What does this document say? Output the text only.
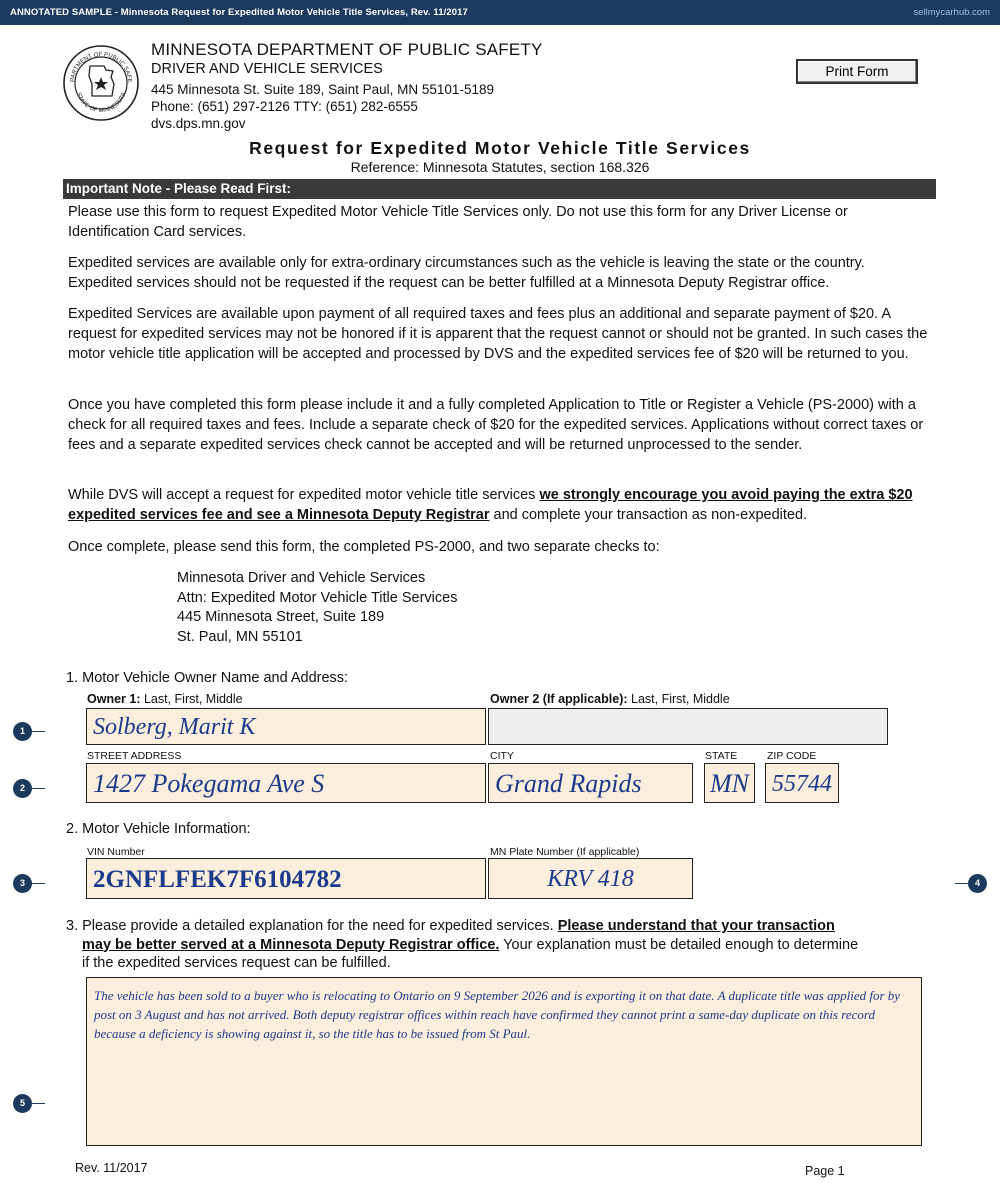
ANNOTATED SAMPLE - Minnesota Request for Expedited Motor Vehicle Title Services, Rev. 11/2017	sellmycarhub.com
PARTMENT OF PUBLIC SAFE
STATE OF MINNESOTA
MINNESOTA DEPARTMENT OF PUBLIC SAFETY
DRIVER AND VEHICLE SERVICES
445 Minnesota St. Suite 189, Saint Paul, MN 55101-5189
Phone: (651) 297-2126 TTY: (651) 282-6555
dvs.dps.mn.gov
Print Form
Request for Expedited Motor Vehicle Title Services
Reference: Minnesota Statutes, section 168.326
Important Note - Please Read First:

Please use this form to request Expedited Motor Vehicle Title Services only. Do not use this form for any Driver License or Identification Card services.

Expedited services are available only for extra-ordinary circumstances such as the vehicle is leaving the state or the country. Expedited services should not be requested if the request can be better fulfilled at a Minnesota Deputy Registrar office.

Expedited Services are available upon payment of all required taxes and fees plus an additional and separate payment of $20. A request for expedited services may not be honored if it is apparent that the request cannot or should not be granted. In such cases the motor vehicle title application will be accepted and processed by DVS and the expedited services fee of $20 will be returned to you.

Once you have completed this form please include it and a fully completed Application to Title or Register a Vehicle (PS-2000) with a check for all required taxes and fees. Include a separate check of $20 for the expedited services. Applications without correct taxes or fees and a separate expedited services check cannot be accepted and will be returned unprocessed to the sender.

While DVS will accept a request for expedited motor vehicle title services we strongly encourage you avoid paying the extra $20 expedited services fee and see a Minnesota Deputy Registrar and complete your transaction as non-expedited.

Once complete, please send this form, the completed PS-2000, and two separate checks to:

Minnesota Driver and Vehicle Services
Attn: Expedited Motor Vehicle Title Services
445 Minnesota Street, Suite 189
St. Paul, MN 55101
1. Motor Vehicle Owner Name and Address:
Owner 1: Last, First, Middle	Owner 2 (If applicable): Last, First, Middle
Solberg, Marit K
STREET ADDRESS	CITY	STATE	ZIP CODE
1427 Pokegama Ave S	Grand Rapids	MN 55744
2. Motor Vehicle Information:
VIN Number	MN Plate Number (If applicable)
2GNFLFEK7F6104782	KRV 418
3. Please provide a detailed explanation for the need for expedited services. Please understand that your transaction
may be better served at a Minnesota Deputy Registrar office. Your explanation must be detailed enough to determine
if the expedited services request can be fulfilled.
The vehicle has been sold to a buyer who is relocating to Ontario on 9 September 2026 and is exporting it on that date. A duplicate title was applied for by post on 3 August and has not arrived. Both deputy registrar offices within reach have confirmed they cannot print a same-day duplicate on this record because a deficiency is showing against it, so the title has to be issued from St Paul.
1
2
3	4
5
Rev. 11/2017	Page 1
